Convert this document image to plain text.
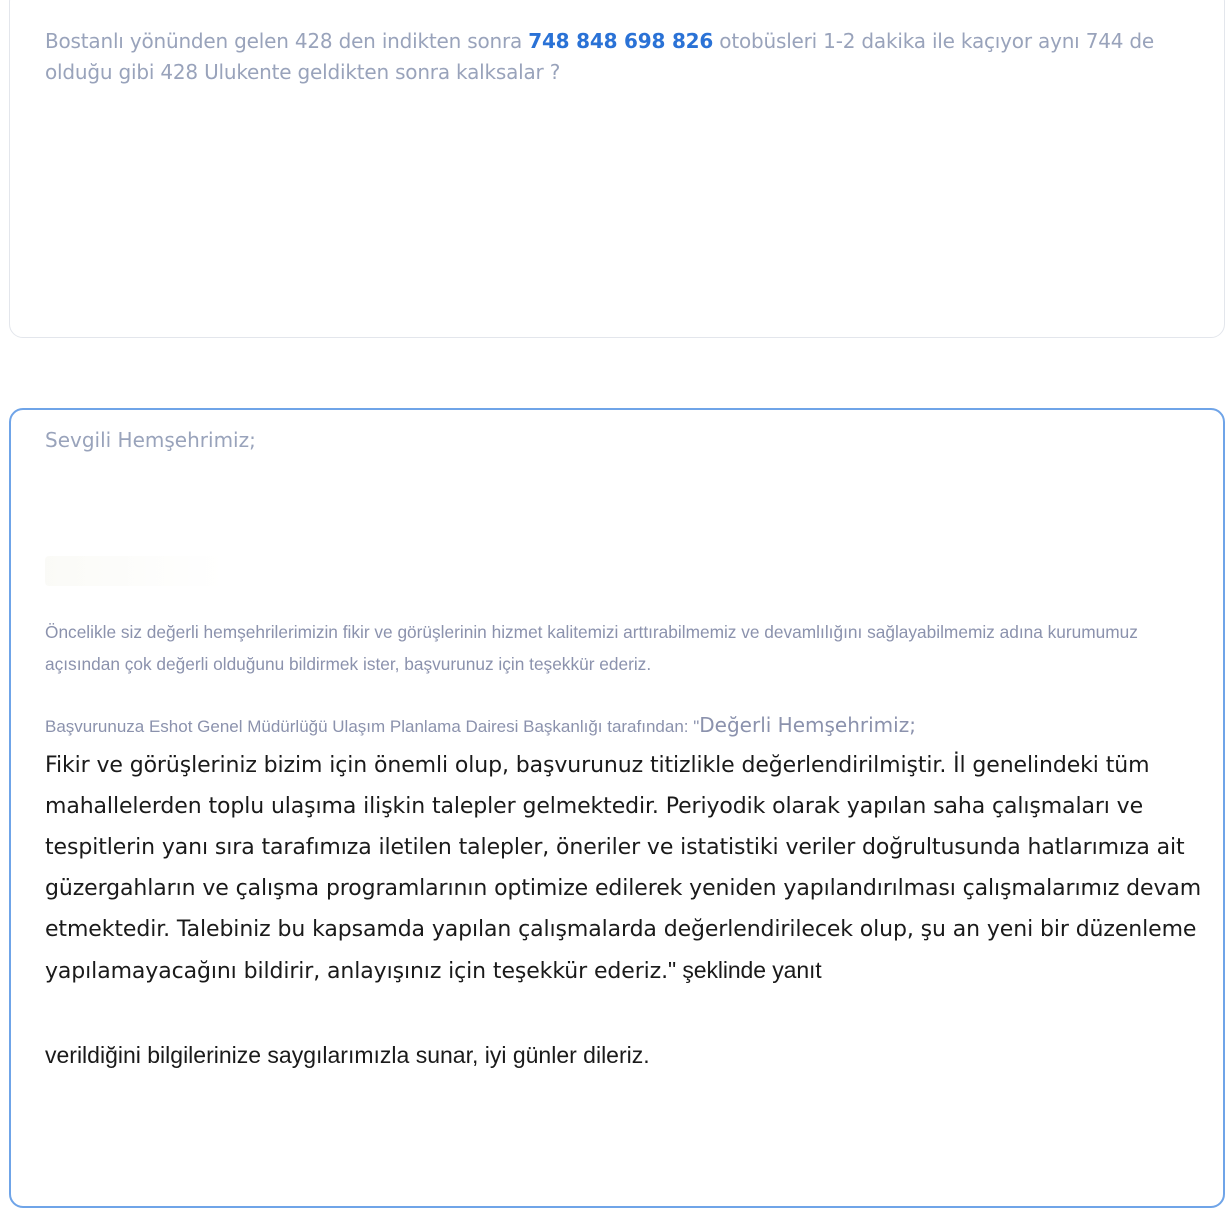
Bostanlı yönünden gelen 428 den indikten sonra 748 848 698 826 otobüsleri 1-2 dakika ile kaçıyor aynı 744 de olduğu gibi 428 Ulukente geldikten sonra kalksalar ?
Sevgili Hemşehrimiz;
Öncelikle siz değerli hemşehrilerimizin fikir ve görüşlerinin hizmet kalitemizi arttırabilmemiz ve devamlılığını sağlayabilmemiz adına kurumumuz açısından çok değerli olduğunu bildirmek ister, başvurunuz için teşekkür ederiz.
Başvurunuza Eshot Genel Müdürlüğü Ulaşım Planlama Dairesi Başkanlığı tarafından: "Değerli Hemşehrimiz;
Fikir ve görüşleriniz bizim için önemli olup, başvurunuz titizlikle değerlendirilmiştir. İl genelindeki tüm mahallelerden toplu ulaşıma ilişkin talepler gelmektedir. Periyodik olarak yapılan saha çalışmaları ve tespitlerin yanı sıra tarafımıza iletilen talepler, öneriler ve istatistiki veriler doğrultusunda hatlarımıza ait güzergahların ve çalışma programlarının optimize edilerek yeniden yapılandırılması çalışmalarımız devam etmektedir. Talebiniz bu kapsamda yapılan çalışmalarda değerlendirilecek olup, şu an yeni bir düzenleme yapılamayacağını bildirir, anlayışınız için teşekkür ederiz." şeklinde yanıt
verildiğini bilgilerinize saygılarımızla sunar, iyi günler dileriz.
